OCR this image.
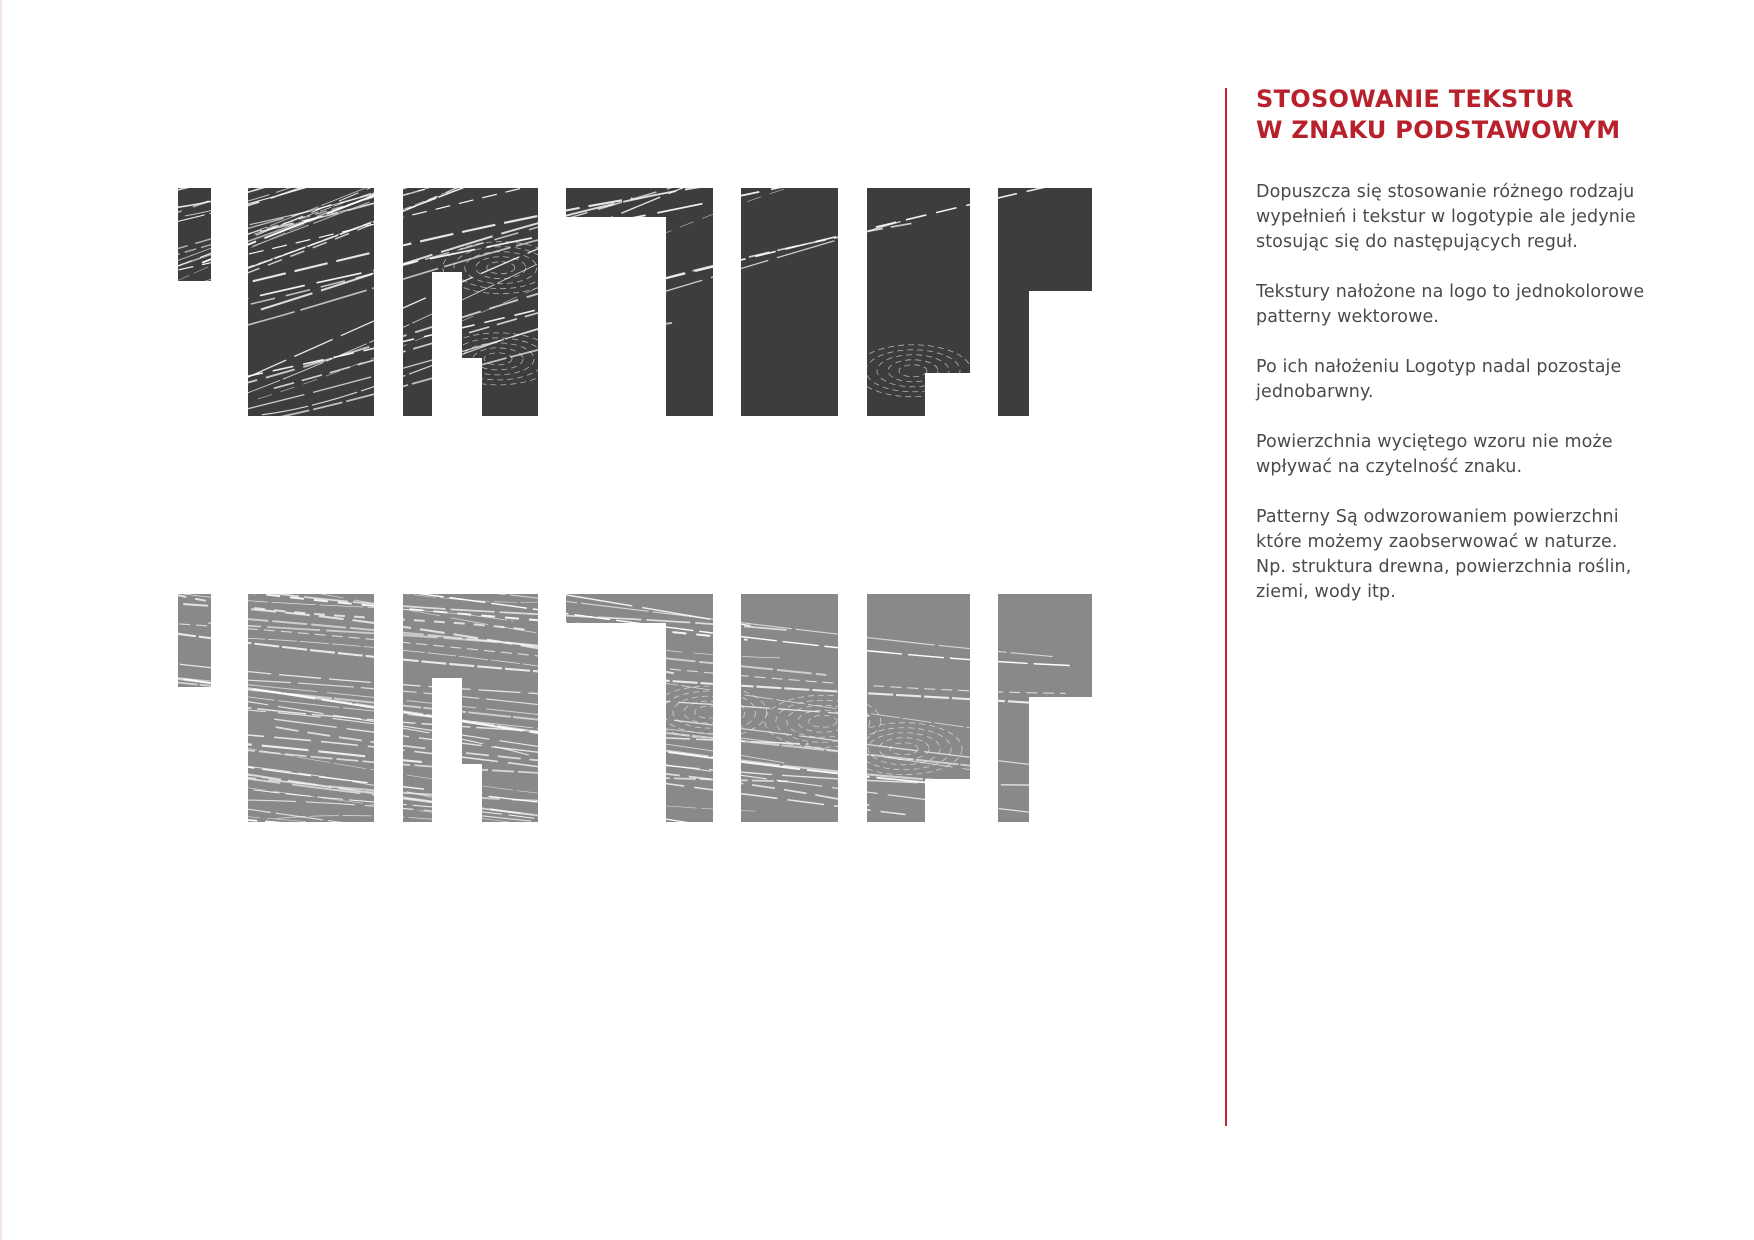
STOSOWANIE TEKSTUR
W ZNAKU PODSTAWOWYM

Dopuszcza się stosowanie różnego rodzaju
wypełnień i tekstur w logotypie ale jedynie
stosując się do następujących reguł.

Tekstury nałożone na logo to jednokolorowe
patterny wektorowe.

Po ich nałożeniu Logotyp nadal pozostaje
jednobarwny.

Powierzchnia wyciętego wzoru nie może
wpływać na czytelność znaku.

Patterny Są odwzorowaniem powierzchni
które możemy zaobserwować w naturze.
Np. struktura drewna, powierzchnia roślin,
ziemi, wody itp.
